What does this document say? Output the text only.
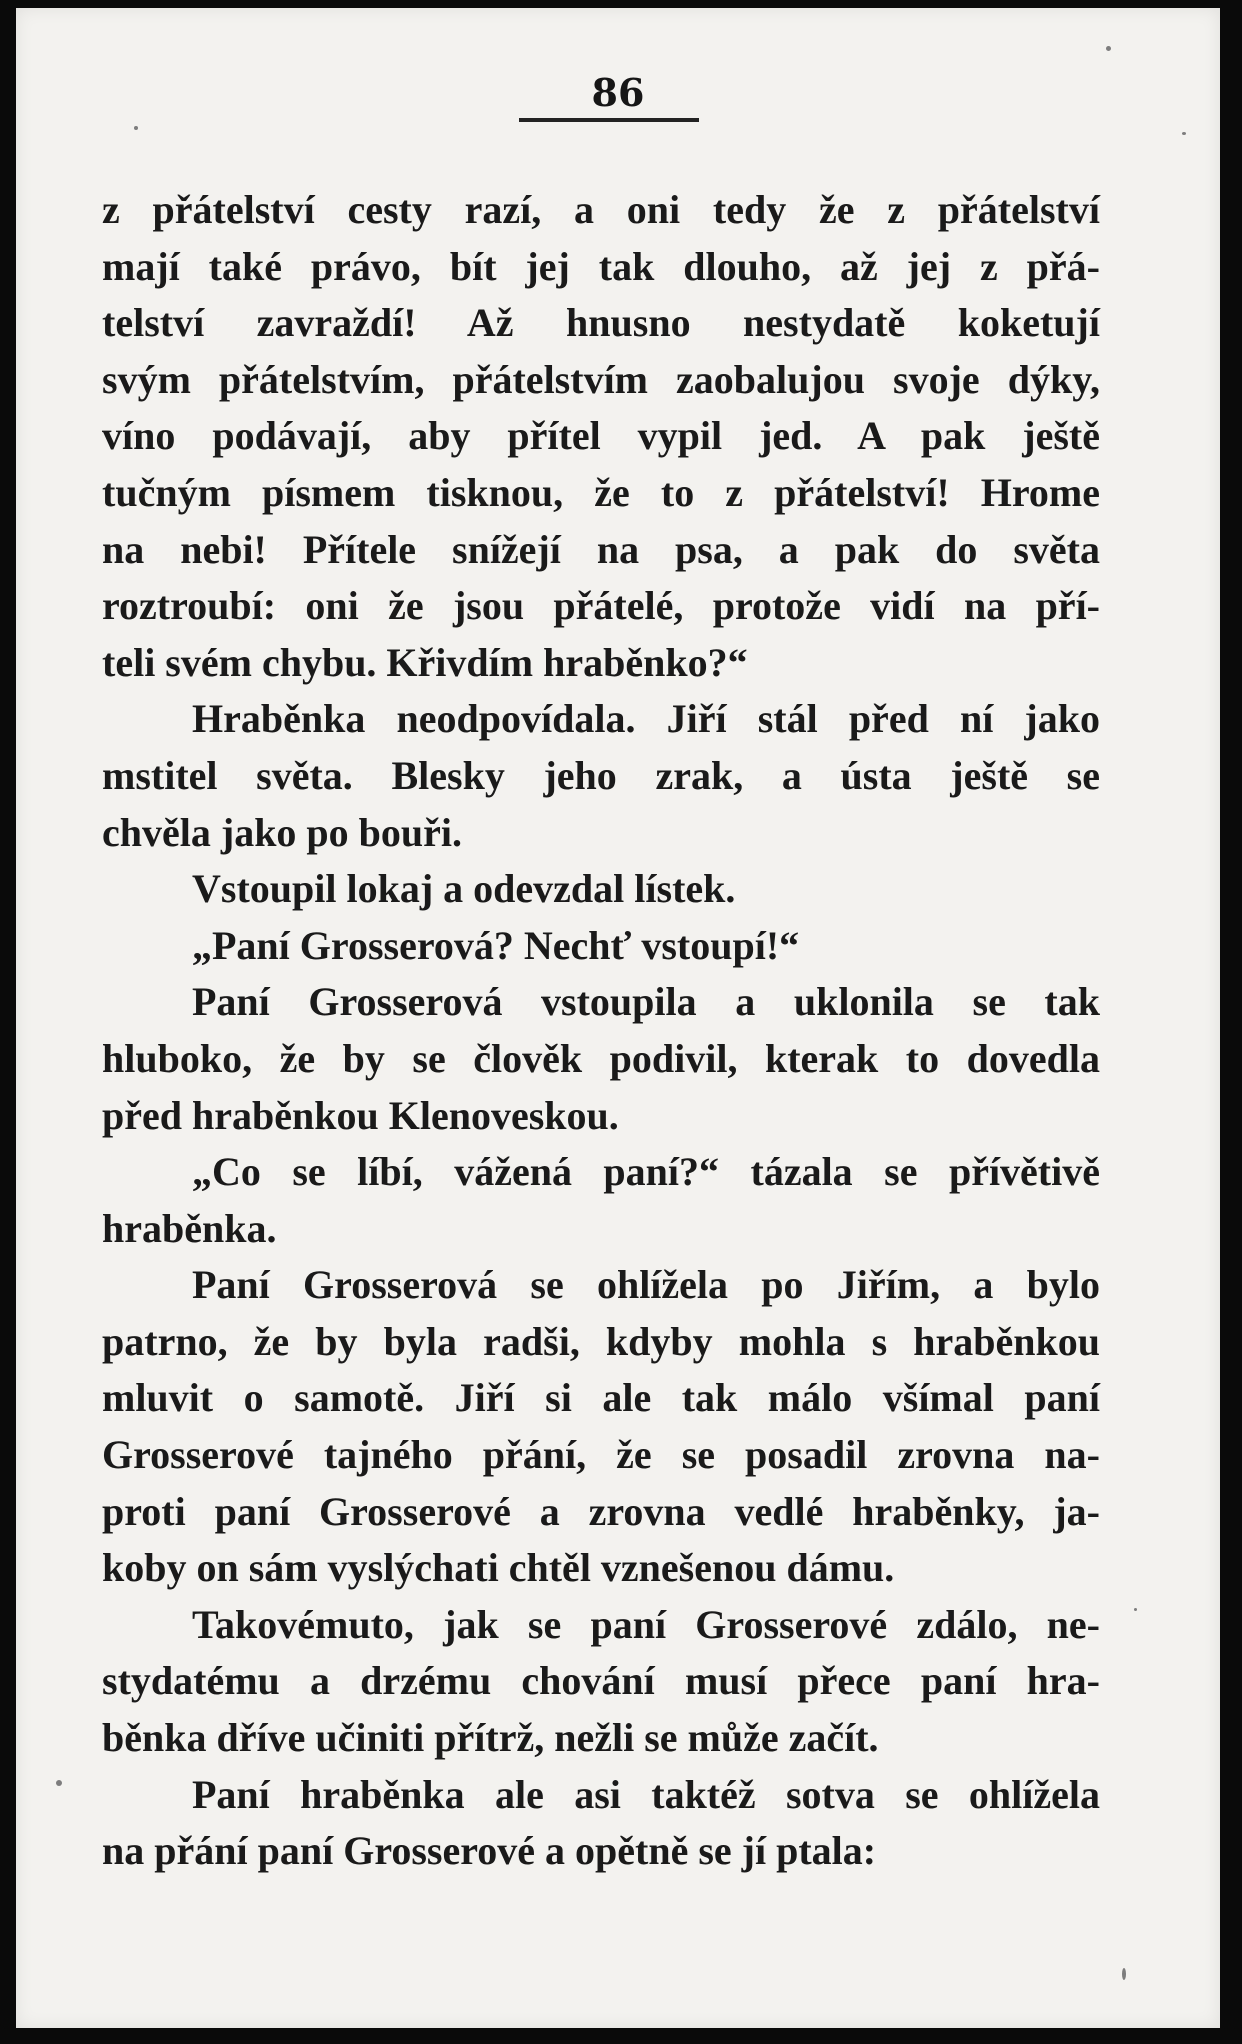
86
z přátelství cesty razí, a oni tedy že z přátelství
mají také právo, bít jej tak dlouho, až jej z přá-
telství zavraždí! Až hnusno nestydatě koketují
svým přátelstvím, přátelstvím zaobalujou svoje dýky,
víno podávají, aby přítel vypil jed. A pak ještě
tučným písmem tisknou, že to z přátelství! Hrome
na nebi! Přítele snížejí na psa, a pak do světa
roztroubí: oni že jsou přátelé, protože vidí na pří-
teli svém chybu. Křivdím hraběnko?“
Hraběnka neodpovídala. Jiří stál před ní jako
mstitel světa. Blesky jeho zrak, a ústa ještě se
chvěla jako po bouři.
Vstoupil lokaj a odevzdal lístek.
„Paní Grosserová? Nechť vstoupí!“
Paní Grosserová vstoupila a uklonila se tak
hluboko, že by se člověk podivil, kterak to dovedla
před hraběnkou Klenoveskou.
„Co se líbí, vážená paní?“ tázala se přívětivě
hraběnka.
Paní Grosserová se ohlížela po Jiřím, a bylo
patrno, že by byla radši, kdyby mohla s hraběnkou
mluvit o samotě. Jiří si ale tak málo všímal paní
Grosserové tajného přání, že se posadil zrovna na-
proti paní Grosserové a zrovna vedlé hraběnky, ja-
koby on sám vyslýchati chtěl vznešenou dámu.
Takovémuto, jak se paní Grosserové zdálo, ne-
stydatému a drzému chování musí přece paní hra-
běnka dříve učiniti přítrž, nežli se může začít.
Paní hraběnka ale asi taktéž sotva se ohlížela
na přání paní Grosserové a opětně se jí ptala:
